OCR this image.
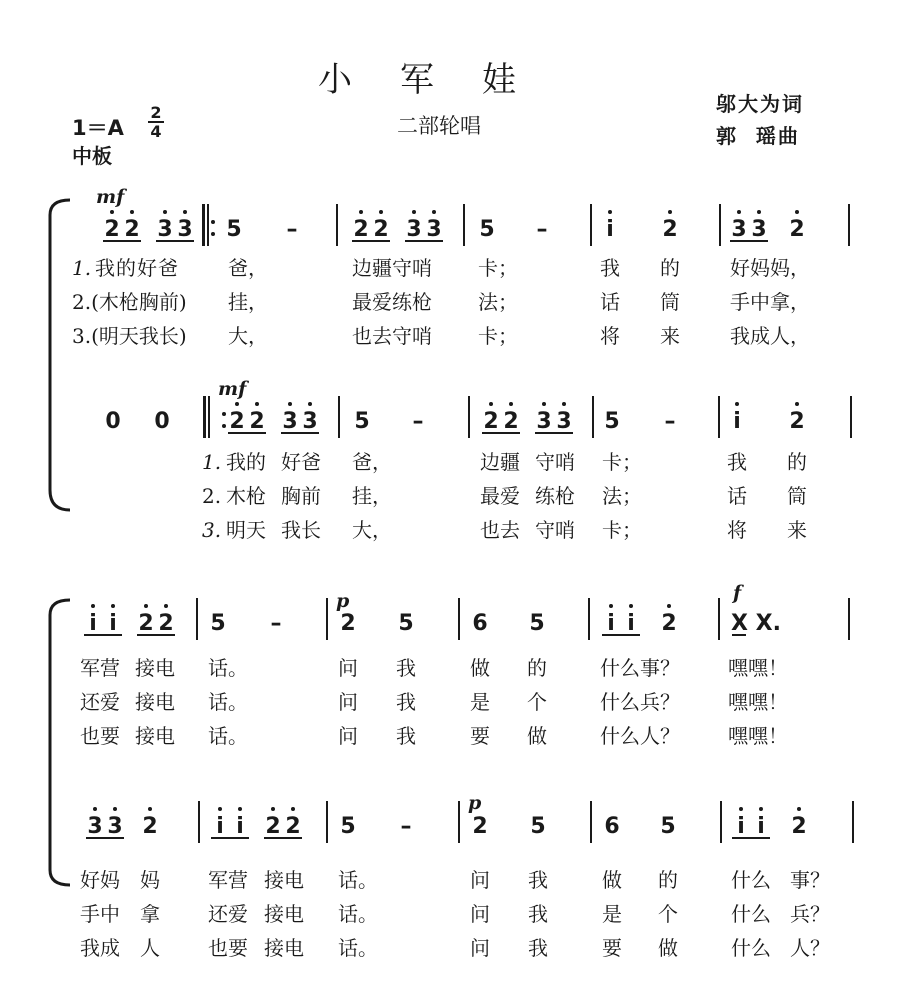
小军娃
二部轮唱
1＝A
2
4
中板
邬大为词
郭  瑶曲
mf
2 2 3 3 5 –	2 2 3 3 5 –	i 2 3 3 2
1. 我的好爸 爸，	边疆守哨 卡；	我 的	好妈妈，
2.(木枪胸前) 挂，	最爱练枪 法；	话 筒	手中拿，
3.(明天我长) 大，	也去守哨 卡；	将 来	我成人，
mf
0 0	2 2 3 3 5 –	2 2 3 3 5 –	i 2
1. 我的 好爸 爸，	边疆 守哨 卡；	我 的
2. 木枪 胸前 挂，	最爱 练枪 法；	话 筒
3. 明天 我长 大，	也去 守哨 卡；	将 来
p	f
i i 2 2 5 –	2 5	6 5	i i 2 X X.
军营 接电 话。	问 我	做 的	什么事？ 嘿嘿！
还爱 接电 话。	问 我	是 个	什么兵？ 嘿嘿！
也要 接电 话。	问 我	要 做	什么人？ 嘿嘿！
p
3 3 2	i i 2 2 5 –	2 5	6 5	i i 2
好妈 妈 军营 接电 话。	问 我	做 的	什么 事？
手中 拿 还爱 接电 话。	问 我	是 个	什么 兵？
我成 人 也要 接电 话。	问 我	要 做	什么 人？
